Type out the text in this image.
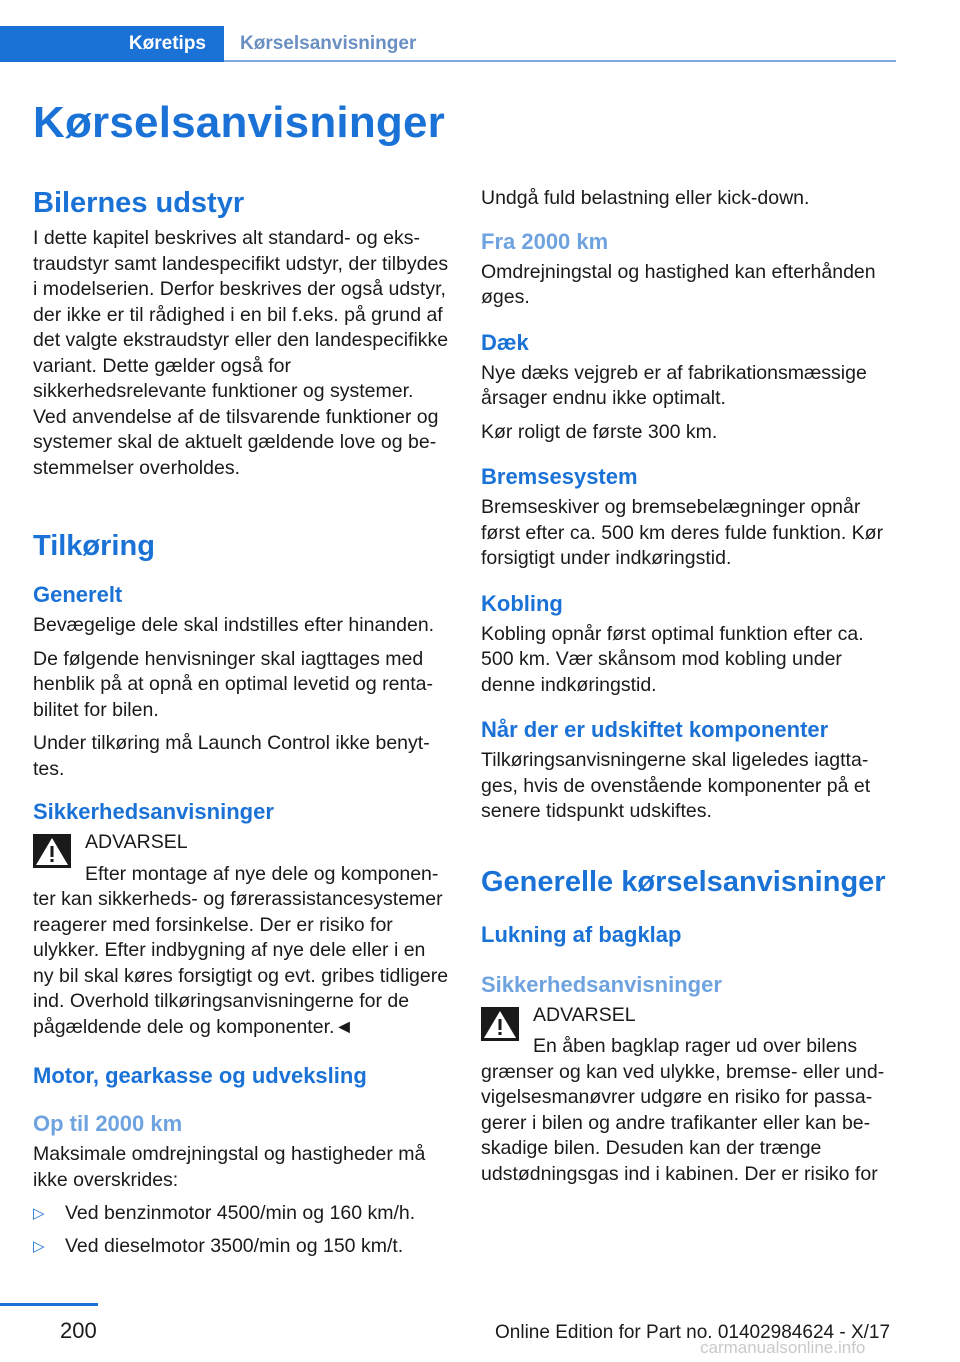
Køretips Kørselsanvisninger
Kørselsanvisninger
Bilernes udstyr

I dette kapitel beskrives alt standard- og ekstraudstyr samt landespecifikt udstyr, der tilbydes i modelserien. Derfor beskrives der også udstyr, der ikke er til rådighed i en bil f.eks. på grund af det valgte ekstraudstyr eller den landespecifikke variant. Dette gælder også for sikkerhedsrelevante funktioner og systemer. Ved anvendelse af de tilsvarende funktioner og systemer skal de aktuelt gældende love og bestemmelser overholdes.

Tilkøring
Generelt

Bevægelige dele skal indstilles efter hinanden.

De følgende henvisninger skal iagttages med henblik på at opnå en optimal levetid og rentabilitet for bilen.

Under tilkøring må Launch Control ikke benyttes.

Sikkerhedsanvisninger

ADVARSEL

Efter montage af nye dele og komponenter kan sikkerheds- og førerassistancesystemer reagerer med forsinkelse. Der er risiko for ulykker. Efter indbygning af nye dele eller i en ny bil skal køres forsigtigt og evt. gribes tidligere ind. Overhold tilkøringsanvisningerne for de pågældende dele og komponenter.◄

Motor, gearkasse og udveksling
Op til 2000 km

Maksimale omdrejningstal og hastigheder må ikke overskrides:

▷ Ved benzinmotor 4500/min og 160 km/h.
▷ Ved dieselmotor 3500/min og 150 km/t.

Undgå fuld belastning eller kick-down.

Fra 2000 km

Omdrejningstal og hastighed kan efterhånden øges.

Dæk

Nye dæks vejgreb er af fabrikationsmæssige årsager endnu ikke optimalt.

Kør roligt de første 300 km.

Bremsesystem

Bremseskiver og bremsebelægninger opnår først efter ca. 500 km deres fulde funktion. Kør forsigtigt under indkøringstid.

Kobling

Kobling opnår først optimal funktion efter ca. 500 km. Vær skånsom mod kobling under denne indkøringstid.

Når der er udskiftet komponenter

Tilkøringsanvisningerne skal ligeledes iagttages, hvis de ovenstående komponenter på et senere tidspunkt udskiftes.

Generelle kørselsanvisninger
Lukning af bagklap
Sikkerhedsanvisninger

ADVARSEL

En åben bagklap rager ud over bilens grænser og kan ved ulykke, bremse- eller undvigelsesmanøvrer udgøre en risiko for passagerer i bilen og andre trafikanter eller kan beskadige bilen. Desuden kan der trænge udstødningsgas ind i kabinen. Der er risiko for

200	Online Edition for Part no. 01402984624 - X/17
carmanualsonline.info
